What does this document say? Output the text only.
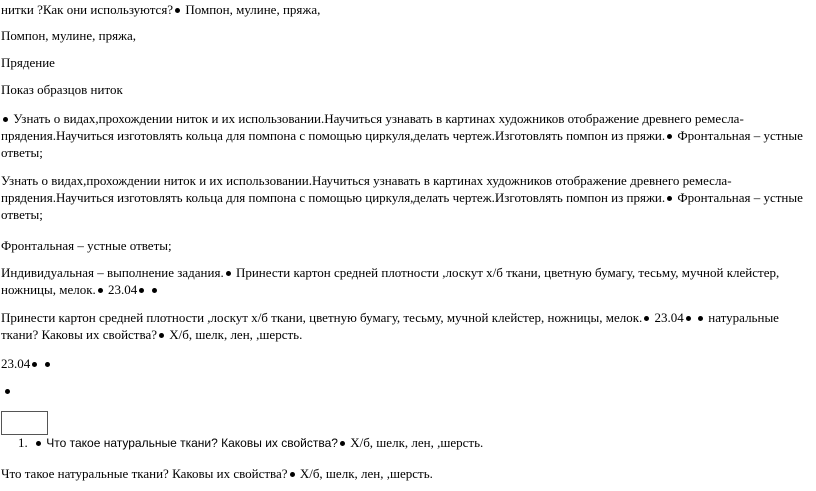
нитки ?Как они используются? Помпон, мулине, пряжа,

Помпон, мулине, пряжа,

Прядение

Показ образцов ниток

Узнать о видах,прохождении ниток и их использовании.Научиться узнавать в картинах художников отображение древнего ремесла-прядения.Научиться изготовлять кольца для помпона с помощью циркуля,делать чертеж.Изготовлять помпон из пряжи. Фронтальная – устные ответы;

Узнать о видах,прохождении ниток и их использовании.Научиться узнавать в картинах художников отображение древнего ремесла-прядения.Научиться изготовлять кольца для помпона с помощью циркуля,делать чертеж.Изготовлять помпон из пряжи. Фронтальная – устные ответы;

Фронтальная – устные ответы;

Индивидуальная – выполнение задания. Принести картон средней плотности ,лоскут х/б ткани, цветную бумагу, тесьму, мучной клейстер, ножницы, мелок. 23.04

Принести картон средней плотности ,лоскут х/б ткани, цветную бумагу, тесьму, мучной клейстер, ножницы, мелок. 23.04  натуральные ткани? Каковы их свойства? Х/б, шелк, лен, ,шерсть.

23.04

1.	Что такое натуральные ткани? Каковы их свойства? Х/б, шелк, лен, ,шерсть.

Что такое натуральные ткани? Каковы их свойства? Х/б, шелк, лен, ,шерсть.
